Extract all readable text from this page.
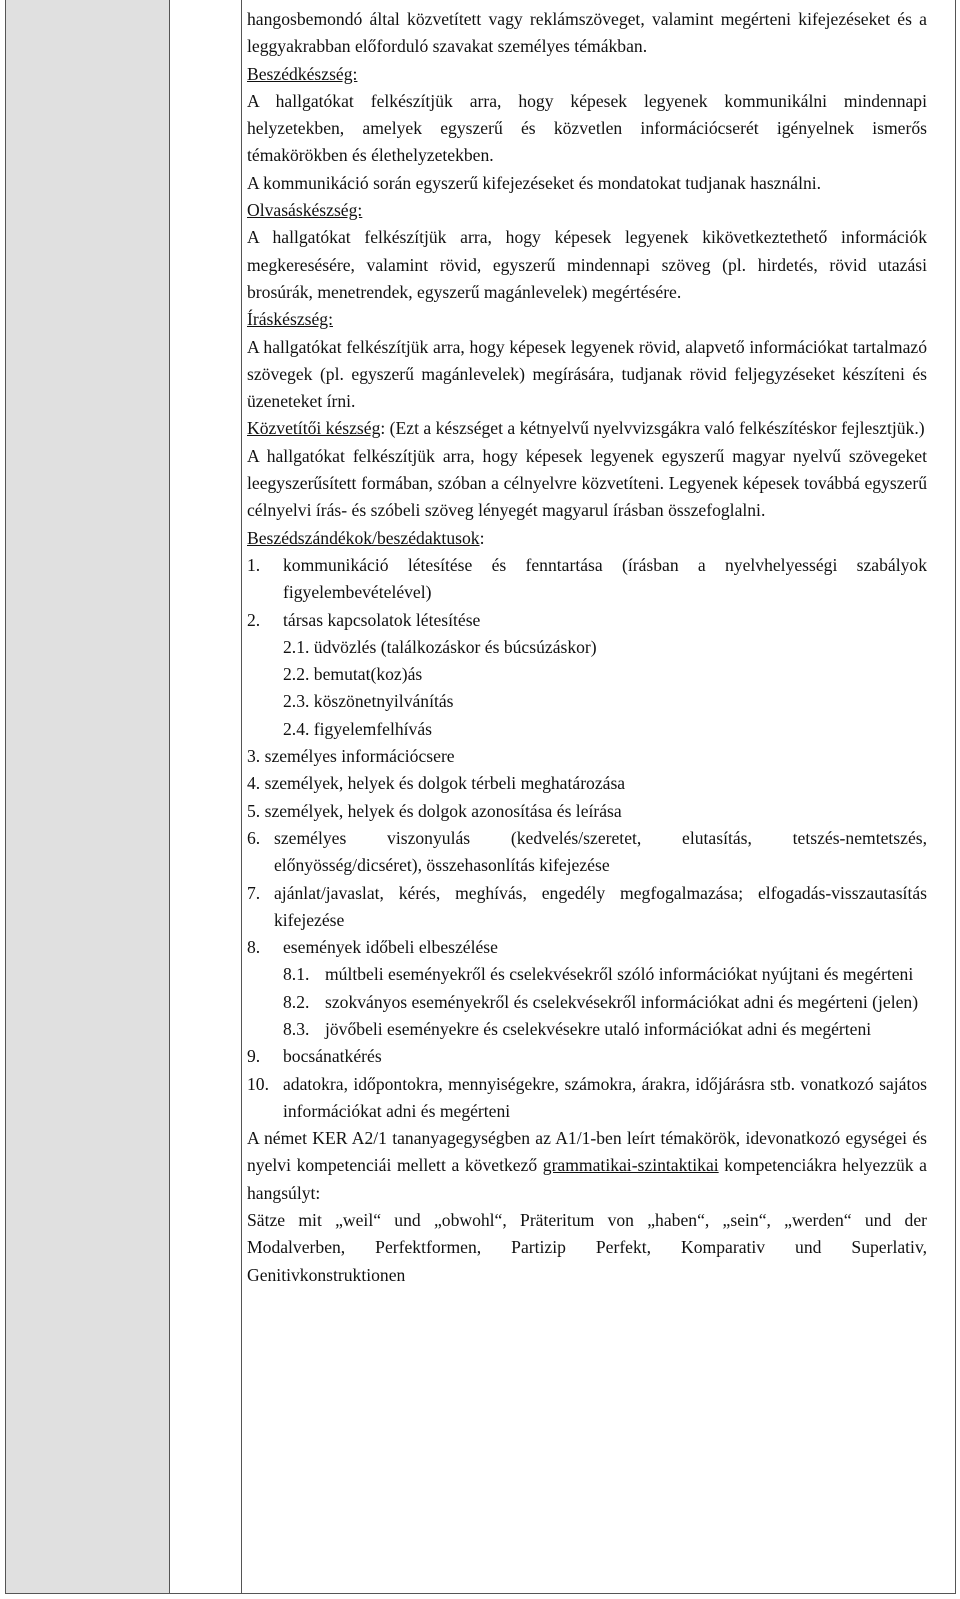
hangosbemondó által közvetített vagy reklámszöveget, valamint megérteni kifejezéseket és a leggyakrabban előforduló szavakat személyes témákban.

Beszédkészség:

A hallgatókat felkészítjük arra, hogy képesek legyenek kommunikálni mindennapi helyzetekben, amelyek egyszerű és közvetlen információcserét igényelnek ismerős témakörökben és élethelyzetekben.

A kommunikáció során egyszerű kifejezéseket és mondatokat tudjanak használni.

Olvasáskészség:

A hallgatókat felkészítjük arra, hogy képesek legyenek kikövetkeztethető információk megkeresésére, valamint rövid, egyszerű mindennapi szöveg (pl. hirdetés, rövid utazási brosúrák, menetrendek, egyszerű magánlevelek) megértésére.

Íráskészség:

A hallgatókat felkészítjük arra, hogy képesek legyenek rövid, alapvető információkat tartalmazó szövegek (pl. egyszerű magánlevelek) megírására, tudjanak rövid feljegyzéseket készíteni és üzeneteket írni.

Közvetítői készség: (Ezt a készséget a kétnyelvű nyelvvizsgákra való felkészítéskor fejlesztjük.)

A hallgatókat felkészítjük arra, hogy képesek legyenek egyszerű magyar nyelvű szövegeket leegyszerűsített formában, szóban a célnyelvre közvetíteni. Legyenek képesek továbbá egyszerű célnyelvi írás- és szóbeli szöveg lényegét magyarul írásban összefoglalni.

Beszédszándékok/beszédaktusok:

1. kommunikáció létesítése és fenntartása (írásban a nyelvhelyességi szabályok figyelembevételével)
2. társas kapcsolatok létesítése
2.1. üdvözlés (találkozáskor és búcsúzáskor)
2.2. bemutat(koz)ás
2.3. köszönetnyilvánítás
2.4. figyelemfelhívás
3. személyes információcsere
4. személyek, helyek és dolgok térbeli meghatározása
5. személyek, helyek és dolgok azonosítása és leírása
6. személyes viszonyulás (kedvelés/szeretet, elutasítás, tetszés-nemtetszés, előnyösség/dicséret), összehasonlítás kifejezése
7. ajánlat/javaslat, kérés, meghívás, engedély megfogalmazása; elfogadás-visszautasítás kifejezése
8. események időbeli elbeszélése
8.1. múltbeli eseményekről és cselekvésekről szóló információkat nyújtani és megérteni
8.2. szokványos eseményekről és cselekvésekről információkat adni és megérteni (jelen)
8.3. jövőbeli eseményekre és cselekvésekre utaló információkat adni és megérteni
9. bocsánatkérés
10. adatokra, időpontokra, mennyiségekre, számokra, árakra, időjárásra stb. vonatkozó sajátos információkat adni és megérteni

A német KER A2/1 tananyagegységben az A1/1-ben leírt témakörök, idevonatkozó egységei és nyelvi kompetenciái mellett a következő grammatikai-szintaktikai kompetenciákra helyezzük a hangsúlyt:

Sätze mit „weil“ und „obwohl“, Präteritum von „haben“, „sein“, „werden“ und der Modalverben, Perfektformen, Partizip Perfekt, Komparativ und Superlativ, Genitivkonstruktionen
